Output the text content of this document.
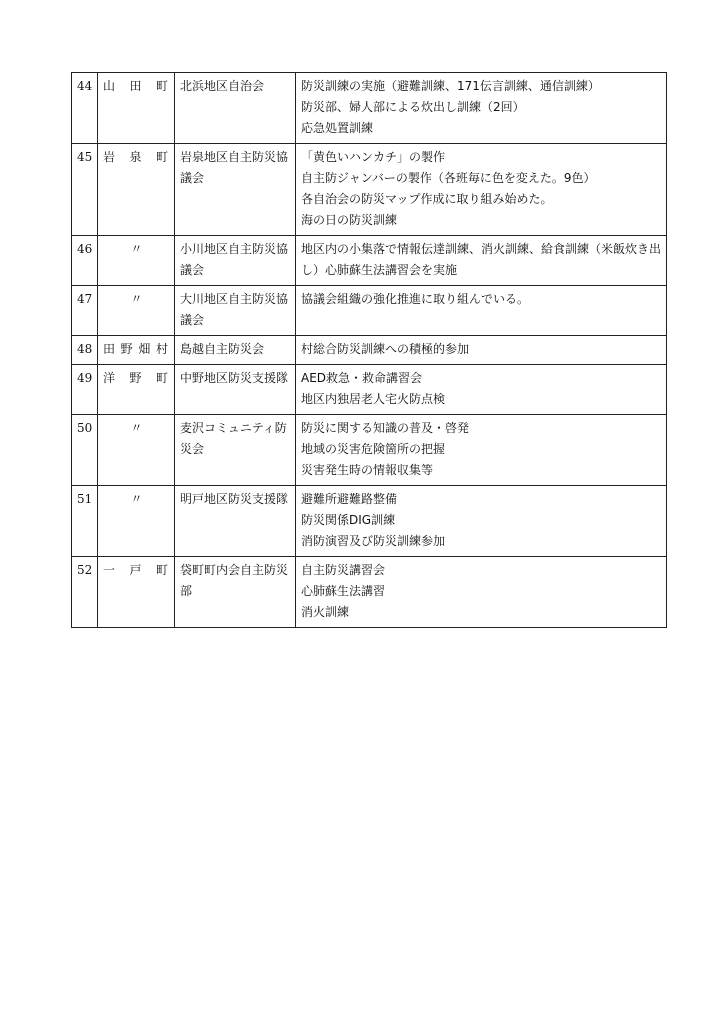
44	山　田　町	北浜地区自治会	防災訓練の実施（避難訓練、171伝言訓練、通信訓練）
防災部、婦人部による炊出し訓練（2回）
応急処置訓練

45	岩　泉　町	岩泉地区自主防災協議会	「黄色いハンカチ」の製作
自主防ジャンバーの製作（各班毎に色を変えた。9色）
各自治会の防災マップ作成に取り組み始めた。
海の日の防災訓練

46	〃	小川地区自主防災協議会	地区内の小集落で情報伝達訓練、消火訓練、給食訓練（米飯炊き出し）心肺蘇生法講習会を実施

47	〃	大川地区自主防災協議会	協議会組織の強化推進に取り組んでいる。

48	田野畑村	島越自主防災会	村総合防災訓練への積極的参加

49	洋　野　町	中野地区防災支援隊	AED救急・救命講習会
地区内独居老人宅火防点検

50	〃	麦沢コミュニティ防災会	防災に関する知識の普及・啓発
地域の災害危険箇所の把握
災害発生時の情報収集等

51	〃	明戸地区防災支援隊	避難所避難路整備
防災関係DIG訓練
消防演習及び防災訓練参加

52	一　戸　町	袋町町内会自主防災部	自主防災講習会
心肺蘇生法講習
消火訓練
